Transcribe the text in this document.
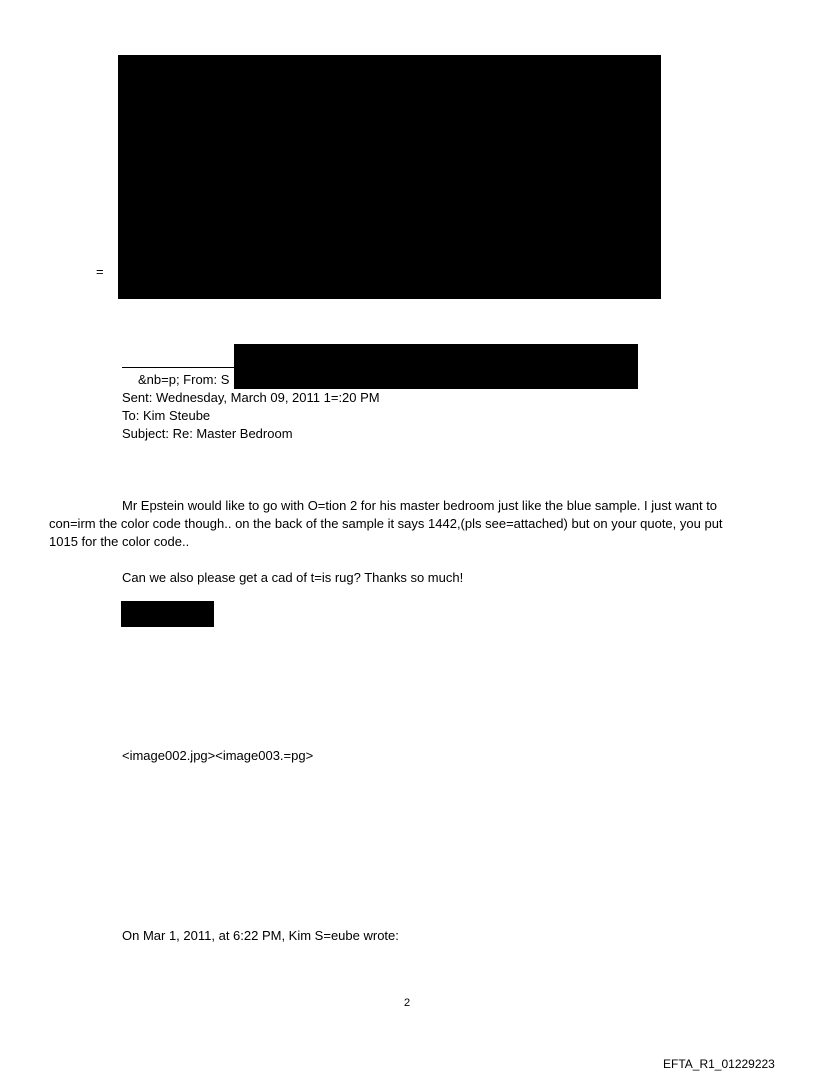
=
&nb=p; From: S
Sent: Wednesday, March 09, 2011 1=:20 PM
To: Kim Steube
Subject: Re: Master Bedroom
Mr Epstein would like to go with O=tion 2 for his master bedroom just like the blue sample. I just want to
con=irm the color code though.. on the back of the sample it says 1442,(pls see=attached) but on your quote, you put
1015 for the color code..
Can we also please get a cad of t=is rug? Thanks so much!
<image002.jpg><image003.=pg>
On Mar 1, 2011, at 6:22 PM, Kim S=eube wrote:
2
EFTA_R1_01229223
